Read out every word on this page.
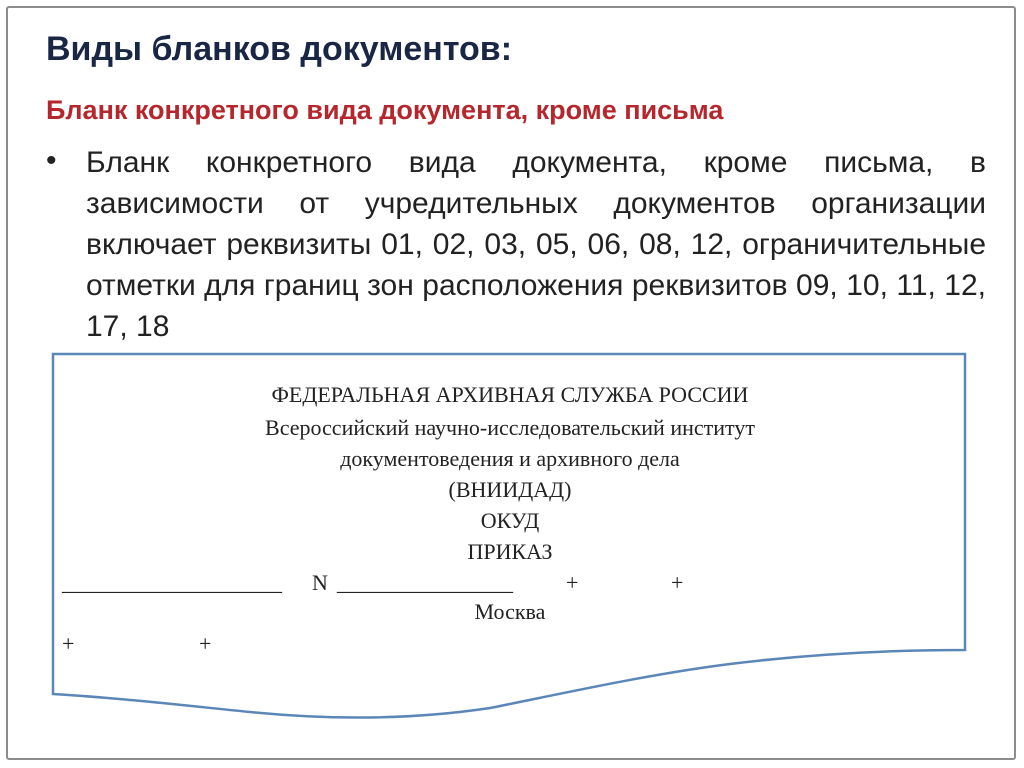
Виды бланков документов:
Бланк конкретного вида документа, кроме письма
• Бланк конкретного вида документа, кроме письма, в зависимости от учредительных документов организации включает реквизиты 01, 02, 03, 05, 06, 08, 12, ограничительные отметки для границ зон расположения реквизитов 09, 10, 11, 12, 17, 18

ФЕДЕРАЛЬНАЯ АРХИВНАЯ СЛУЖБА РОССИИ
Всероссийский научно-исследовательский институт
документоведения и архивного дела
(ВНИИДАД)
ОКУД
ПРИКАЗ
____________________ N ________________ +	+
Москва
+	+
